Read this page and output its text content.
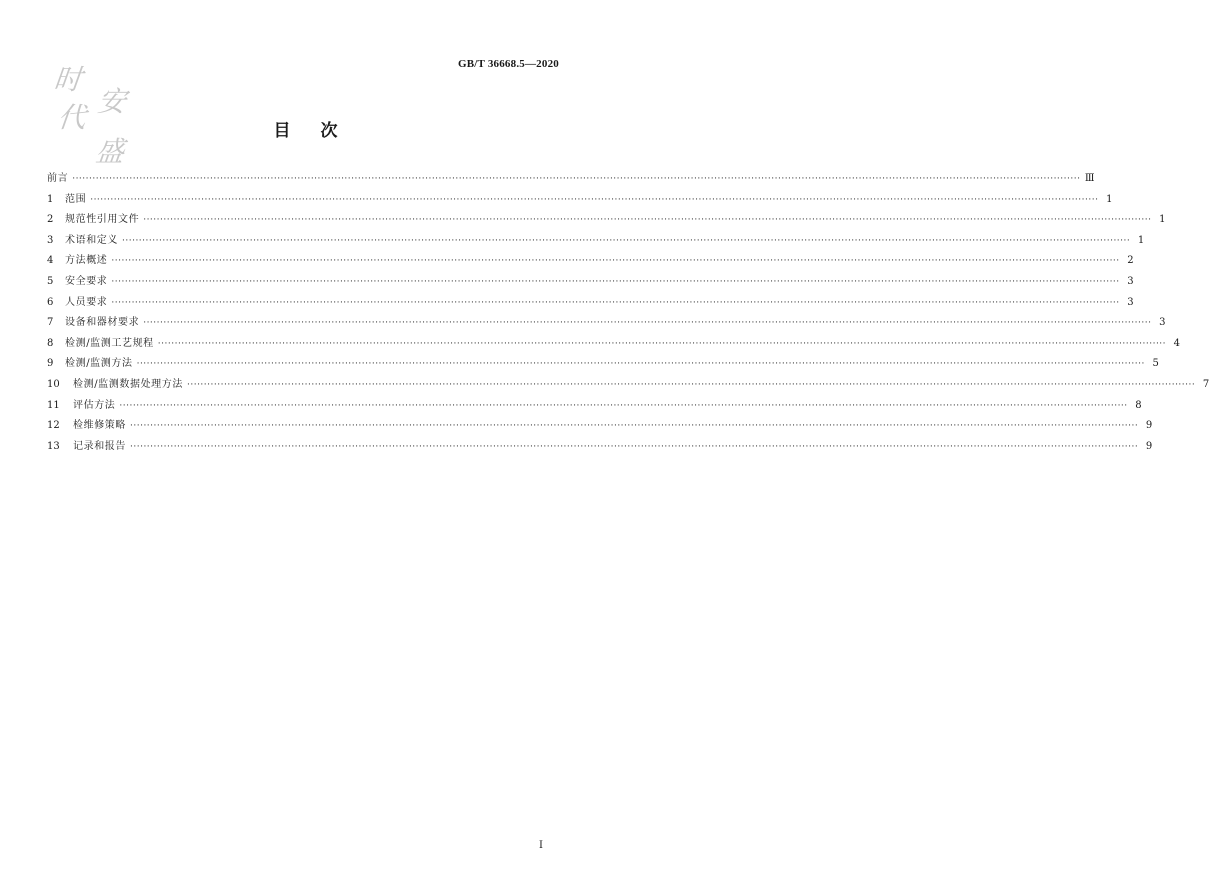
时
代 安
盛
GB/T 36668.5—2020
目次
前言 ············································································································································································································································································································ Ⅲ
1	范围 ············································································································································································································································································································ 1
2	规范性引用文件 ············································································································································································································································································································ 1
3	术语和定义 ············································································································································································································································································································ 1
4	方法概述 ············································································································································································································································································································ 2
5	安全要求 ············································································································································································································································································································ 3
6	人员要求 ············································································································································································································································································································ 3
7	设备和器材要求 ············································································································································································································································································································ 3
8	检测/监测工艺规程 ············································································································································································································································································································ 4
9	检测/监测方法 ············································································································································································································································································································ 5
10	检测/监测数据处理方法 ············································································································································································································································································································ 7
11	评估方法 ············································································································································································································································································································ 8
12	检维修策略 ············································································································································································································································································································ 9
13	记录和报告 ············································································································································································································································································································ 9
I
